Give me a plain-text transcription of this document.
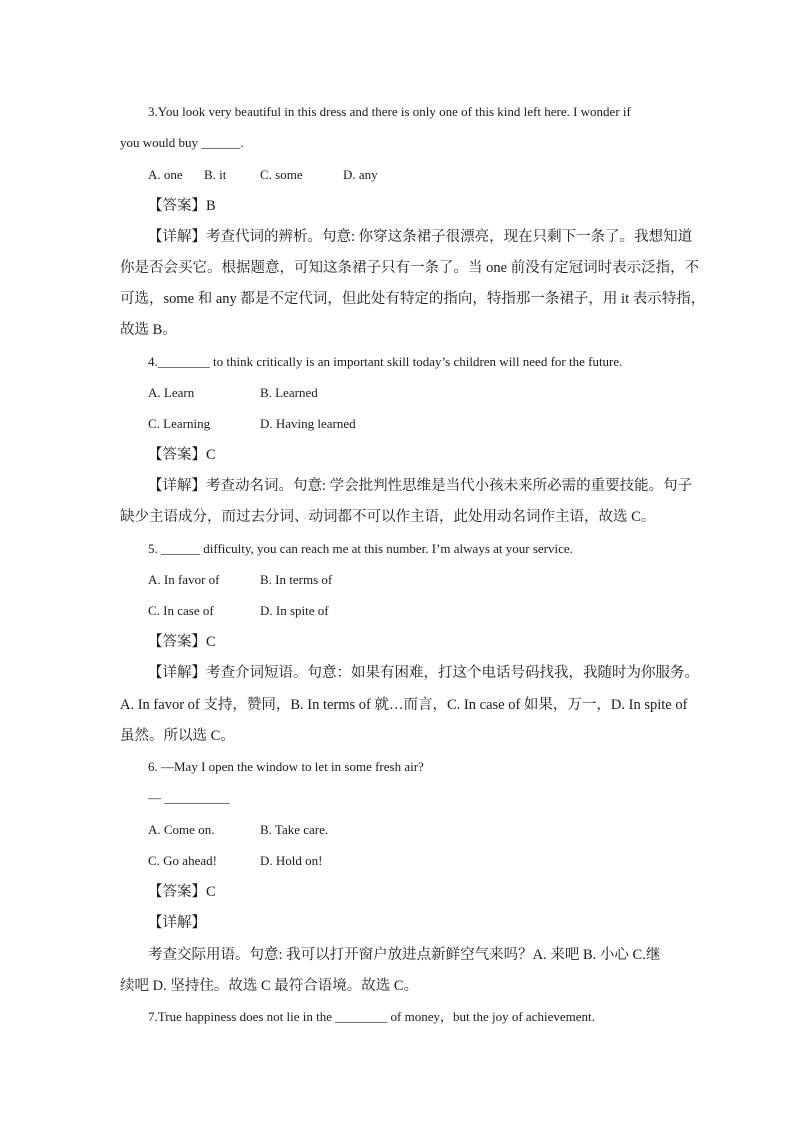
3.You look very beautiful in this dress and there is only one of this kind left here. I wonder if
you would buy ______.
A. one B. it	C. some	D. any
【答案】B
【详解】考查代词的辨析。句意: 你穿这条裙子很漂亮，现在只剩下一条了。我想知道
你是否会买它。根据题意，可知这条裙子只有一条了。当 one 前没有定冠词时表示泛指，不
可选，some 和 any 都是不定代词，但此处有特定的指向，特指那一条裙子，用 it 表示特指，
故选 B。
4.________ to think critically is an important skill today’s children will need for the future.
A. Learn	B. Learned
C. Learning	D. Having learned
【答案】C
【详解】考查动名词。句意: 学会批判性思维是当代小孩未来所必需的重要技能。句子
缺少主语成分，而过去分词、动词都不可以作主语，此处用动名词作主语，故选 C。
5. ______ difficulty, you can reach me at this number. I’m always at your service.
A. In favor of	B. In terms of
C. In case of	D. In spite of
【答案】C
【详解】考查介词短语。句意：如果有困难，打这个电话号码找我，我随时为你服务。
A. In favor of 支持，赞同，B. In terms of 就…而言，C. In case of 如果，万一，D. In spite of
虽然。所以选 C。
6. —May I open the window to let in some fresh air?
— __________
A. Come on.	B. Take care.
C. Go ahead!	D. Hold on!
【答案】C
【详解】
考查交际用语。句意: 我可以打开窗户放进点新鲜空气来吗？A. 来吧 B. 小心 C.继
续吧 D. 坚持住。故选 C 最符合语境。故选 C。
7.True happiness does not lie in the ________ of money，but the joy of achievement.
